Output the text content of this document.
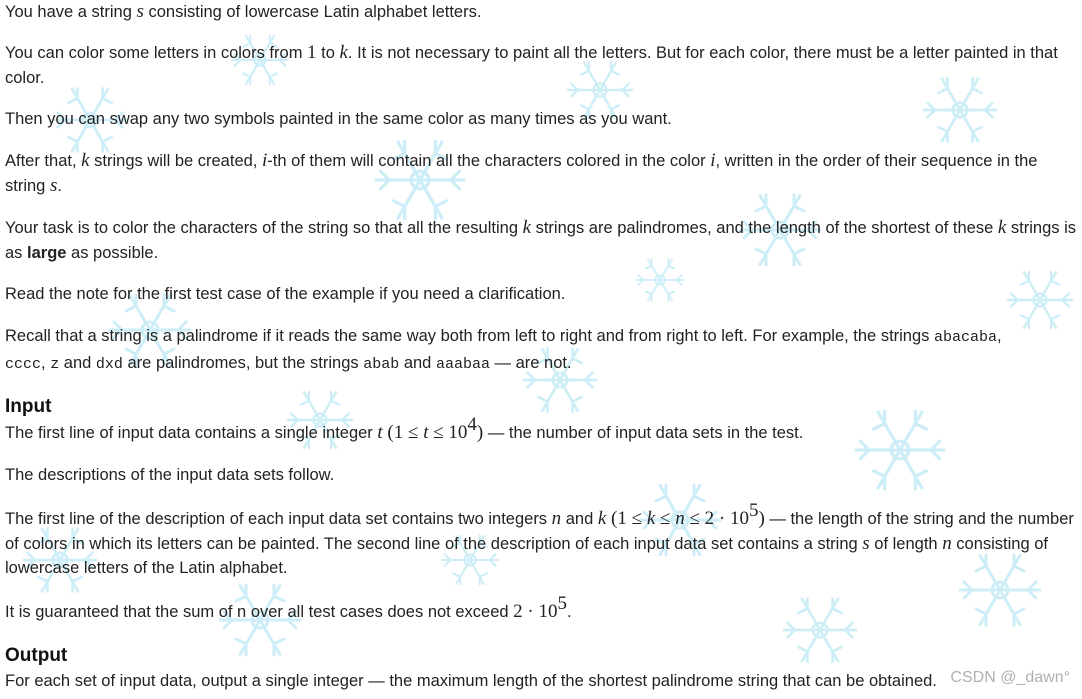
You have a string s consisting of lowercase Latin alphabet letters.

You can color some letters in colors from 1 to k. It is not necessary to paint all the letters. But for each color, there must be a letter painted in that color.

Then you can swap any two symbols painted in the same color as many times as you want.

After that, k strings will be created, i-th of them will contain all the characters colored in the color i, written in the order of their sequence in the string s.

Your task is to color the characters of the string so that all the resulting k strings are palindromes, and the length of the shortest of these k strings is as large as possible.

Read the note for the first test case of the example if you need a clarification.

Recall that a string is a palindrome if it reads the same way both from left to right and from right to left. For example, the strings abacaba,
cccc, z and dxd are palindromes, but the strings abab and aaabaa — are not.

Input

The first line of input data contains a single integer t $(1 \le t \le 10^4)$ — the number of input data sets in the test.

The descriptions of the input data sets follow.

The first line of the description of each input data set contains two integers n and k $(1 \le k \le n \le 2 \cdot 10^5)$ — the length of the string and the number of colors in which its letters can be painted. The second line of the description of each input data set contains a string s of length n consisting of lowercase letters of the Latin alphabet.

It is guaranteed that the sum of n over all test cases does not exceed $2 \cdot 10^5$.

Output

For each set of input data, output a single integer — the maximum length of the shortest palindrome string that can be obtained. CSDN @_dawn°
